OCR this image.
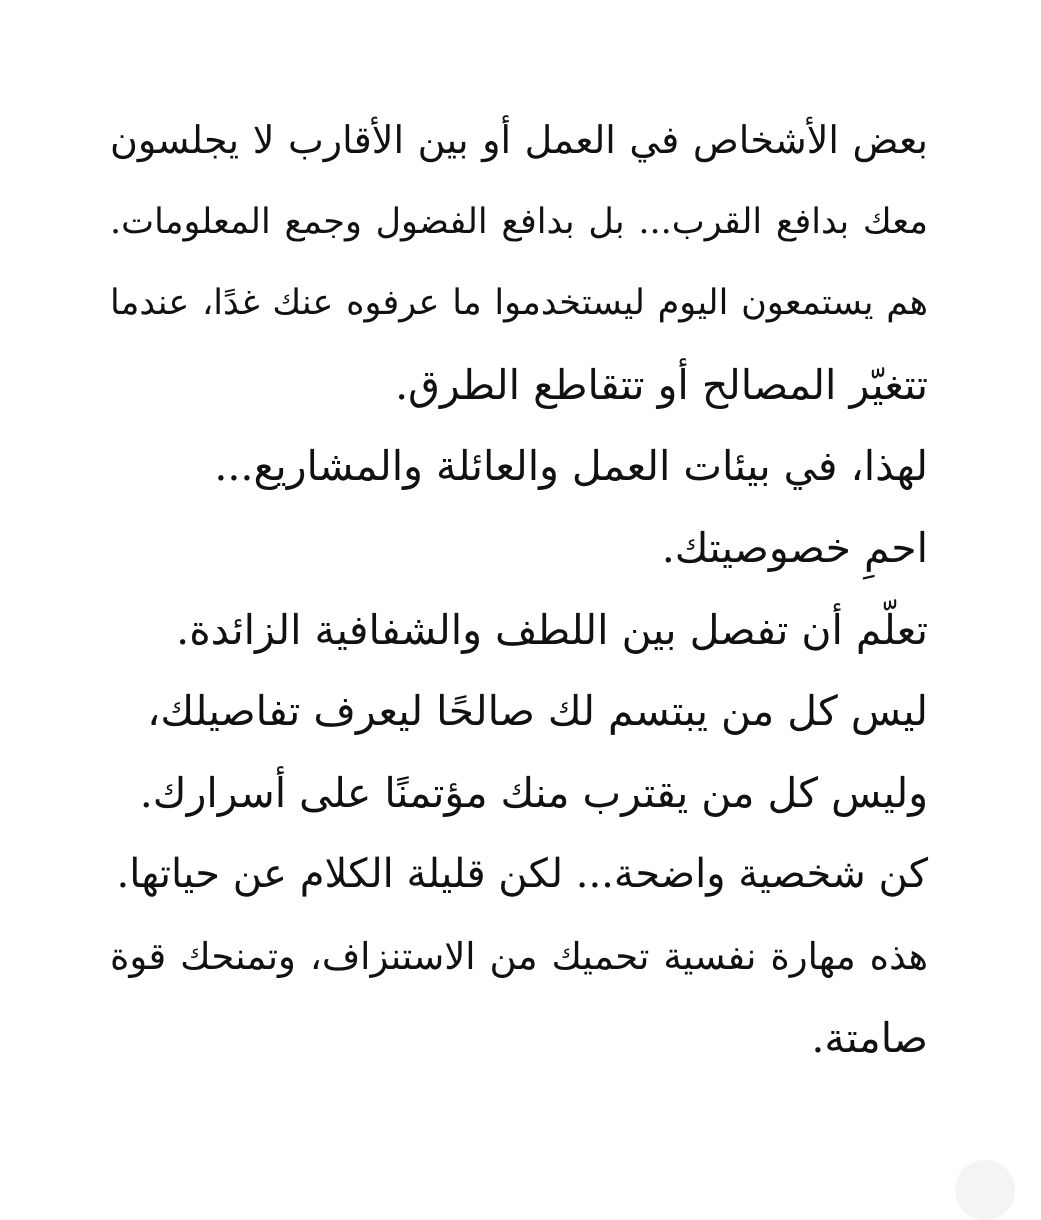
بعض الأشخاص في العمل أو بين الأقارب لا يجلسون
معك بدافع القرب... بل بدافع الفضول وجمع المعلومات.
هم يستمعون اليوم ليستخدموا ما عرفوه عنك غدًا، عندما
تتغيّر المصالح أو تتقاطع الطرق.
لهذا، في بيئات العمل والعائلة والمشاريع...
احمِ خصوصيتك.
تعلّم أن تفصل بين اللطف والشفافية الزائدة.
ليس كل من يبتسم لك صالحًا ليعرف تفاصيلك،
وليس كل من يقترب منك مؤتمنًا على أسرارك.
كن شخصية واضحة... لكن قليلة الكلام عن حياتها.
هذه مهارة نفسية تحميك من الاستنزاف، وتمنحك قوة
صامتة.
